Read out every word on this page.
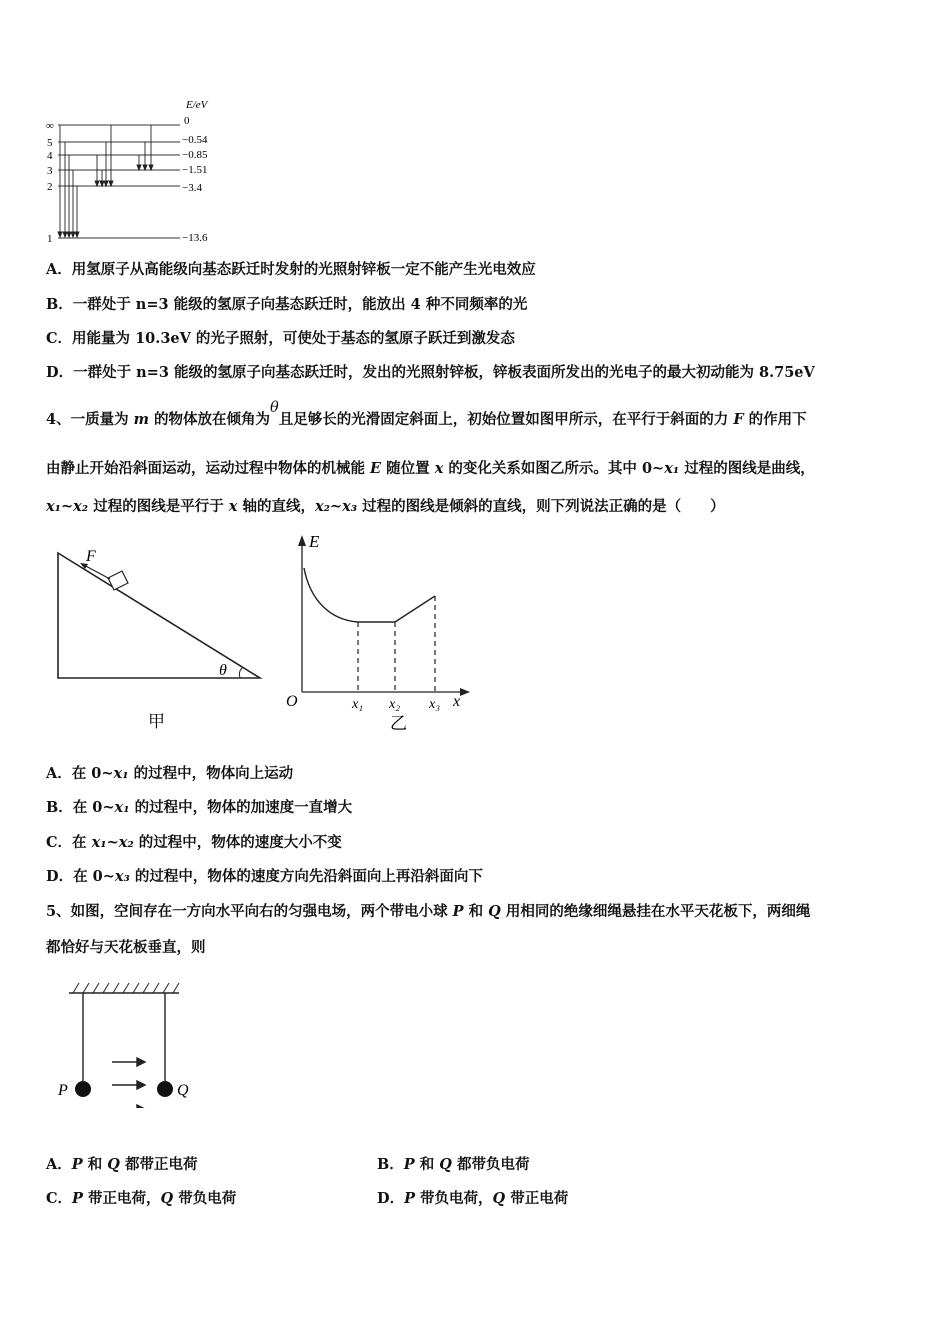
E/eV
∞
5
4
3
2
1
0
−0.54
−0.85
−1.51
−3.4
−13.6
A．用氢原子从高能级向基态跃迁时发射的光照射锌板一定不能产生光电效应
B．一群处于 n=3 能级的氢原子向基态跃迁时，能放出 4 种不同频率的光
C．用能量为 10.3eV 的光子照射，可使处于基态的氢原子跃迁到激发态
D．一群处于 n=3 能级的氢原子向基态跃迁时，发出的光照射锌板，锌板表面所发出的光电子的最大初动能为 8.75eV
4、一质量为 m 的物体放在倾角为θ且足够长的光滑固定斜面上，初始位置如图甲所示，在平行于斜面的力 F 的作用下
由静止开始沿斜面运动，运动过程中物体的机械能 E 随位置 x 的变化关系如图乙所示。其中 0~x₁ 过程的图线是曲线，
x₁~x₂ 过程的图线是平行于 x 轴的直线，x₂~x₃ 过程的图线是倾斜的直线，则下列说法正确的是（　　）
F
θ
甲
E
x
O	x₁ x₂ x₃
乙
A．在 0~x₁ 的过程中，物体向上运动
B．在 0~x₁ 的过程中，物体的加速度一直增大
C．在 x₁~x₂ 的过程中，物体的速度大小不变
D．在 0~x₃ 的过程中，物体的速度方向先沿斜面向上再沿斜面向下
5、如图，空间存在一方向水平向右的匀强电场，两个带电小球 P 和 Q 用相同的绝缘细绳悬挂在水平天花板下，两细绳
都恰好与天花板垂直，则
P	Q
A．P 和 Q 都带正电荷	B．P 和 Q 都带负电荷
C．P 带正电荷，Q 带负电荷	D．P 带负电荷，Q 带正电荷
